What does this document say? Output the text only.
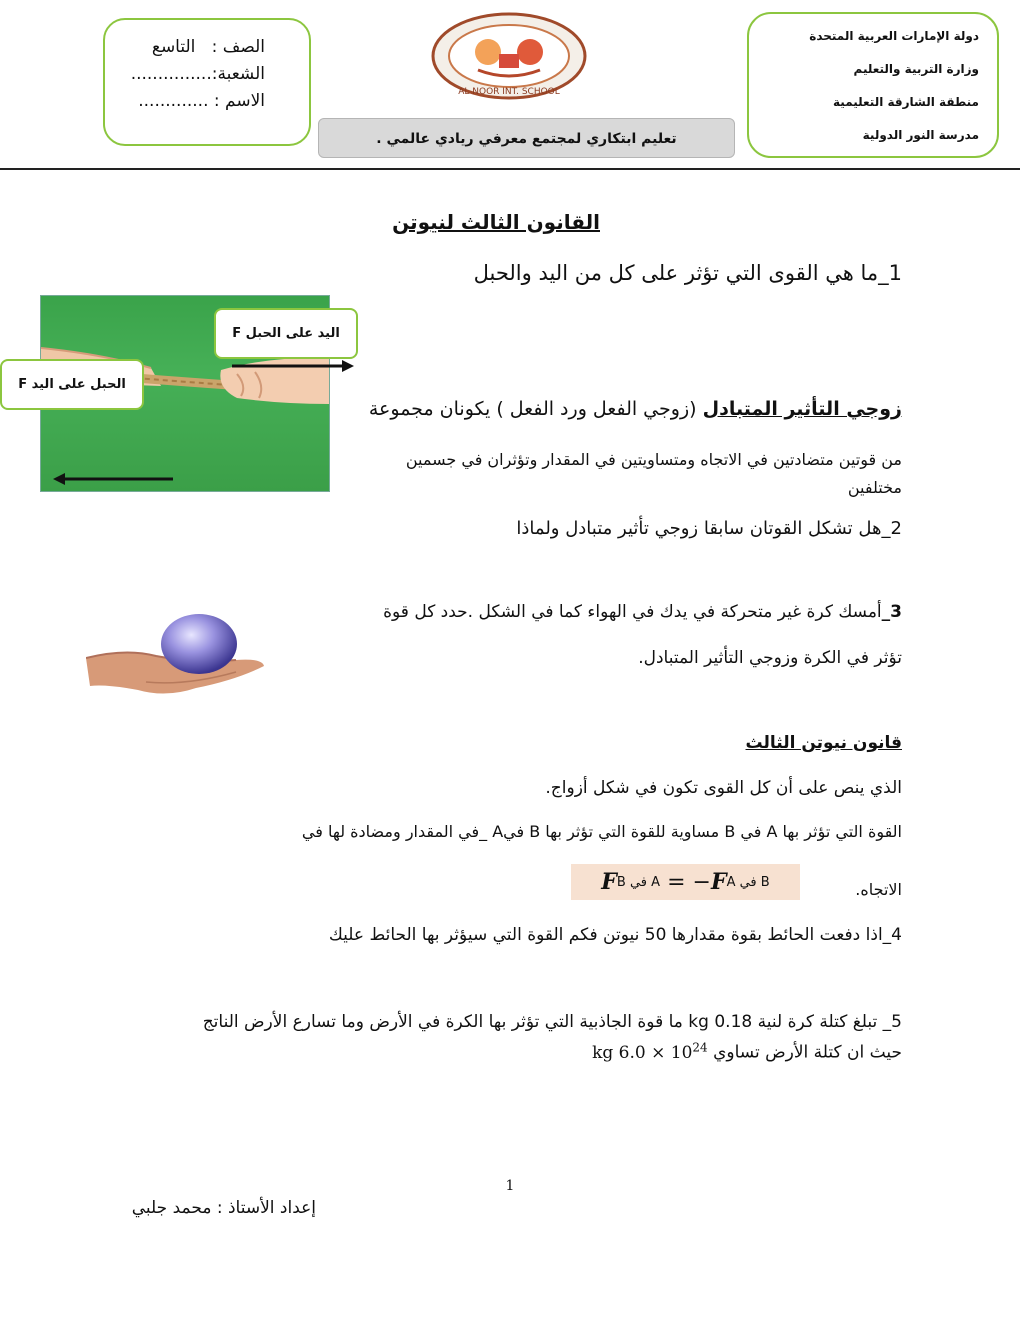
الصف :   التاسع
الشعبة:...............
الاسم : .............	AL NOOR INT. SCHOOL
تعليم ابتكاري لمجتمع معرفي ريادي عالمي .
دولة الإمارات العربية المتحدة
وزارة التربية والتعليم
منطقة الشارقة التعليمية
مدرسة النور الدولية
القانون الثالث لنيوتن
1_ما هي القوى التي تؤثر على كل من اليد والحبل
اليد على الحبل F
الحبل على اليد F
زوجي التأثير المتبادل (زوجي الفعل ورد الفعل ) يكونان مجموعة
من قوتين متضادتين في الاتجاه ومتساويتين في المقدار وتؤثران في جسمين مختلفين
2_هل تشكل القوتان سابقا زوجي تأثير متبادل ولماذا
3_أمسك كرة غير متحركة في يدك في الهواء كما في الشكل .حدد كل قوة
تؤثر في الكرة وزوجي التأثير المتبادل.
قانون نيوتن الثالث
الذي ينص على أن كل القوى تكون في شكل أزواج.
القوة التي تؤثر بها A في B مساوية للقوة التي تؤثر بها B فيA _في المقدار ومضادة لها في
الاتجاه.
F A في B
= − F B في A
4_اذا دفعت الحائط بقوة مقدارها 50 نيوتن فكم القوة التي سيؤثر بها الحائط عليك
5_ تبلغ كتلة كرة لنية 0.18 kg ما قوة الجاذبية التي تؤثر بها الكرة في الأرض وما تسارع الأرض الناتج
حيث ان كتلة الأرض تساوي kg $6.0 \times 10^{24}$
1
إعداد الأستاذ : محمد جلبي
